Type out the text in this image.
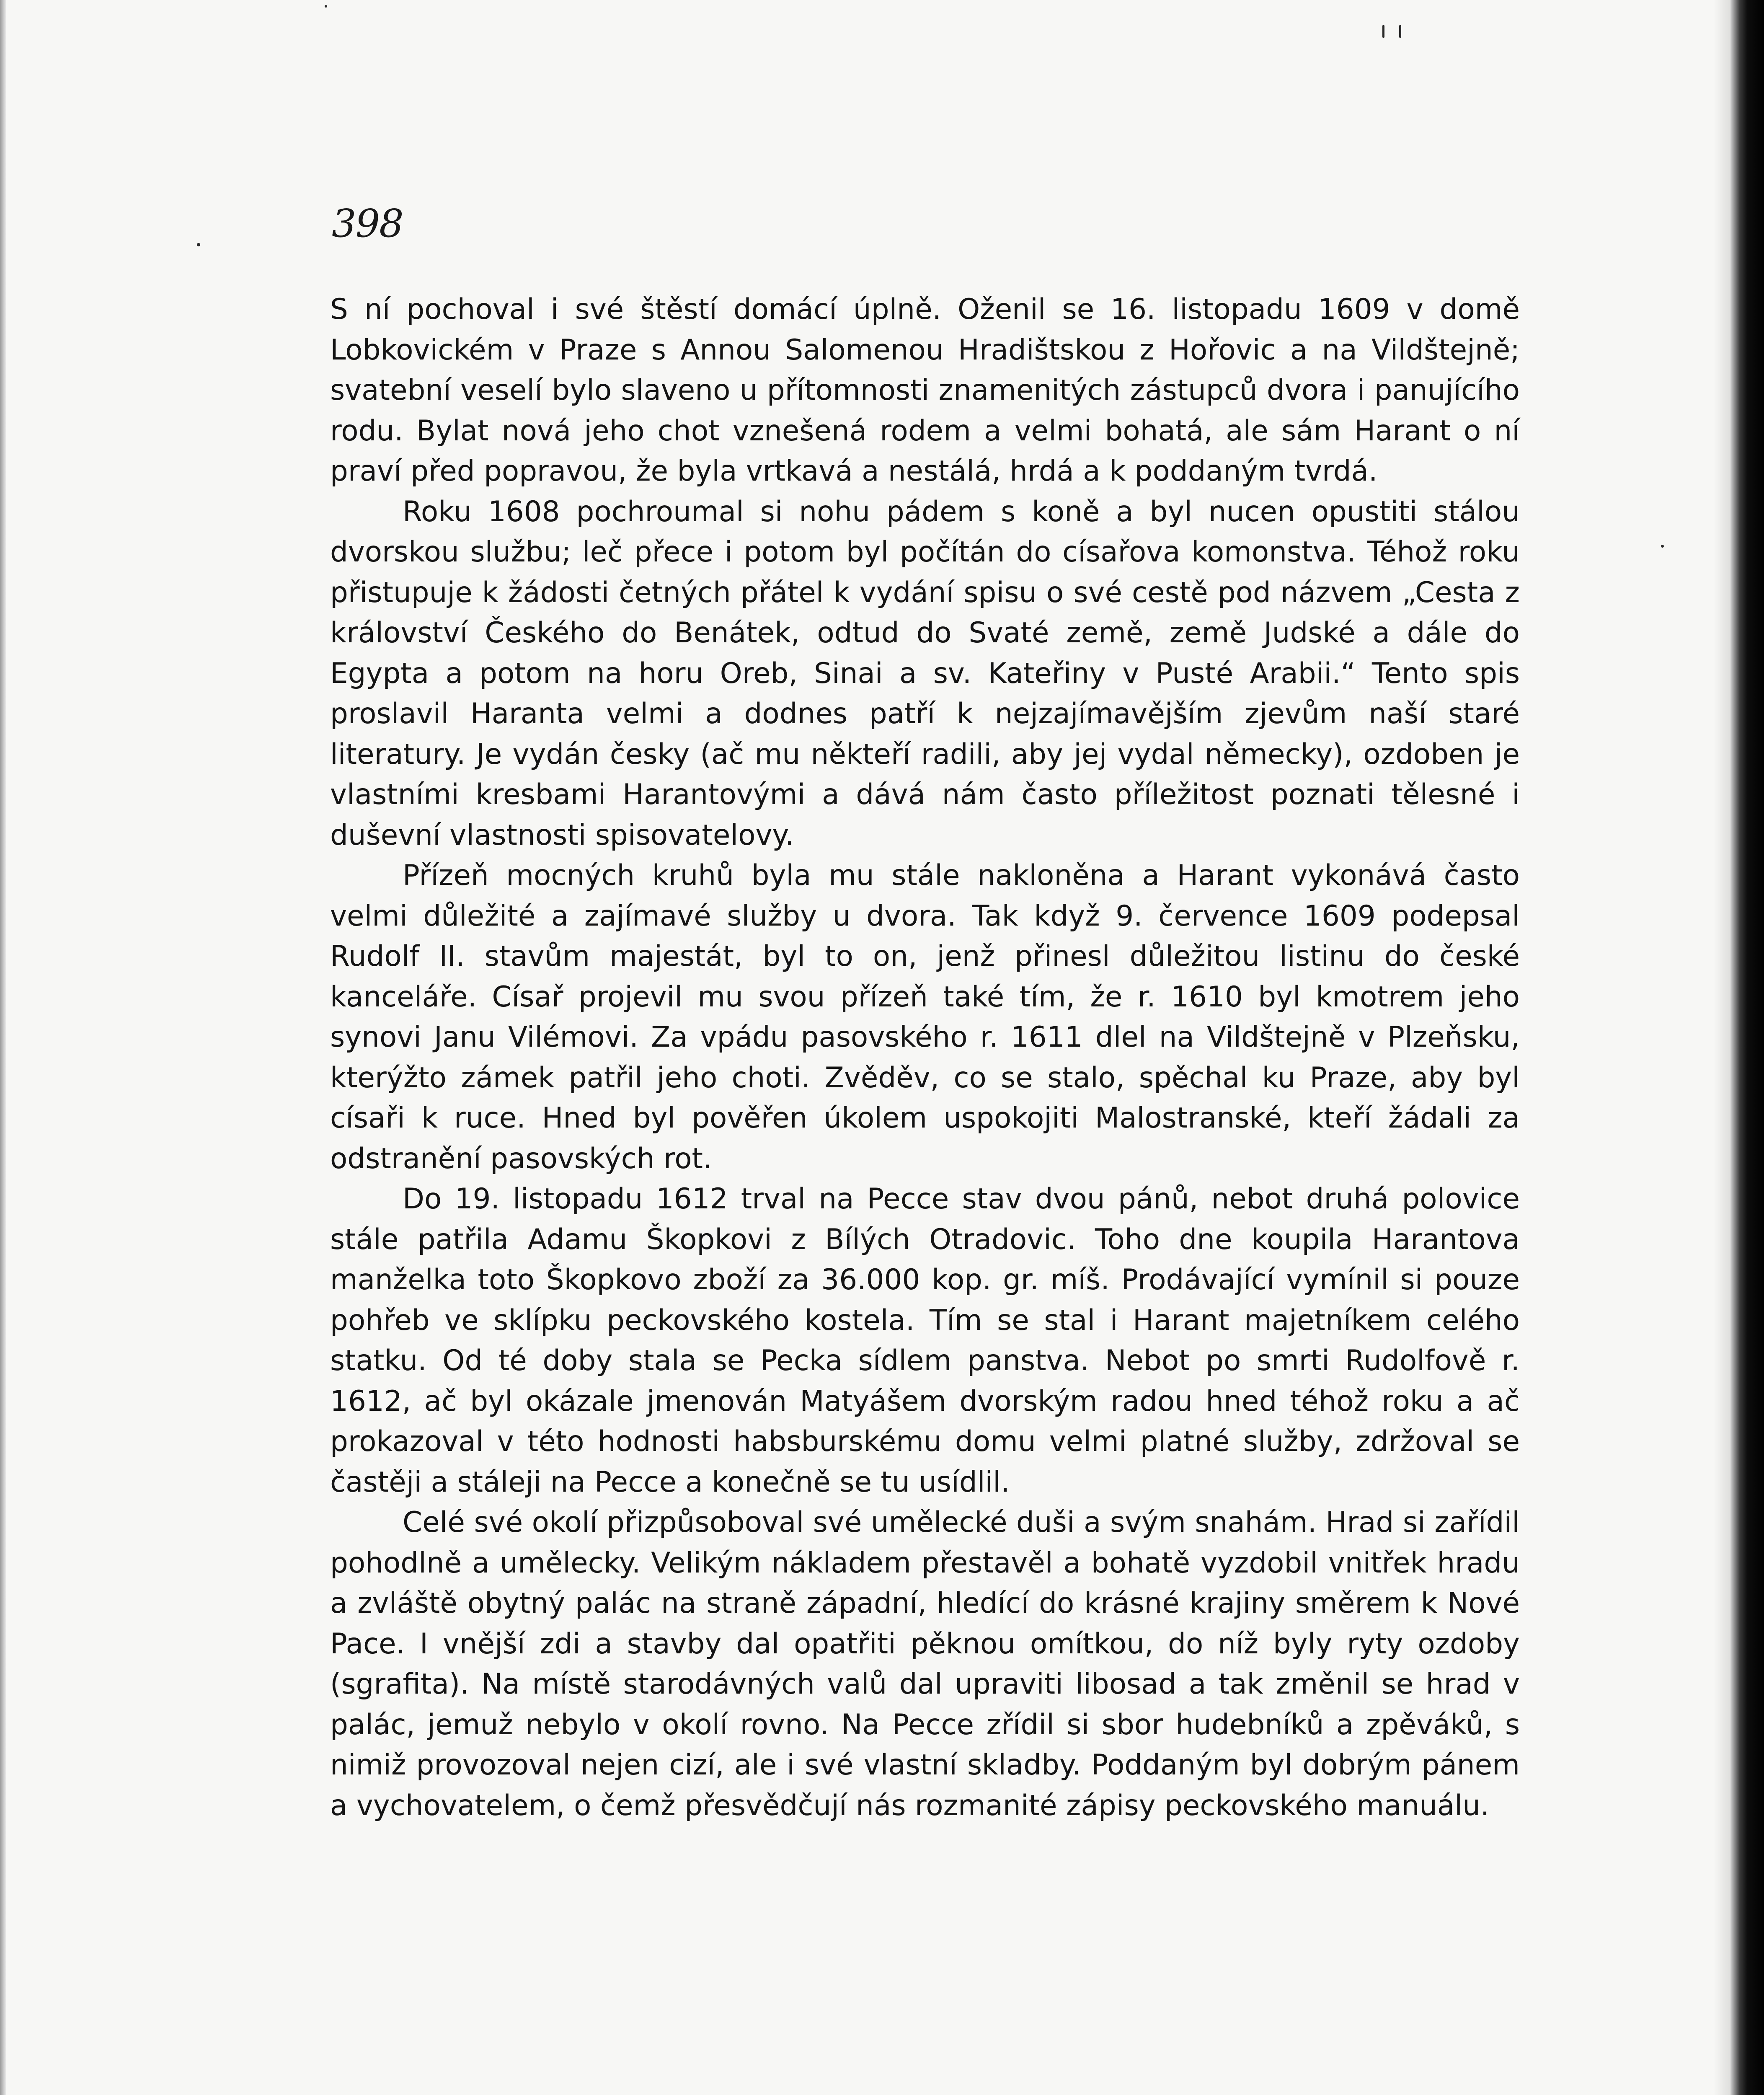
398

S ní pochoval i své štěstí domácí úplně. Oženil se 16. listopadu 1609 v domě Lobkovickém v Praze s Annou Salomenou Hradištskou z Hořovic a na Vildštejně; svatební veselí bylo slaveno u přítomnosti znamenitých zástupců dvora i panujícího rodu. Bylat nová jeho chot vznešená rodem a velmi bohatá, ale sám Harant o ní praví před popravou, že byla vrtkavá a nestálá, hrdá a k poddaným tvrdá.

Roku 1608 pochroumal si nohu pádem s koně a byl nucen opustiti stálou dvorskou službu; leč přece i potom byl počítán do císařova komonstva. Téhož roku přistupuje k žádosti četných přátel k vydání spisu o své cestě pod názvem „Cesta z království Českého do Benátek, odtud do Svaté země, země Judské a dále do Egypta a potom na horu Oreb, Sinai a sv. Kateřiny v Pusté Arabii.“ Tento spis proslavil Haranta velmi a dodnes patří k nejzajímavějším zjevům naší staré literatury. Je vydán česky (ač mu někteří radili, aby jej vydal německy), ozdoben je vlastními kresbami Harantovými a dává nám často příležitost poznati tělesné i duševní vlastnosti spisovatelovy.

Přízeň mocných kruhů byla mu stále nakloněna a Harant vykonává často velmi důležité a zajímavé služby u dvora. Tak když 9. července 1609 podepsal Rudolf II. stavům majestát, byl to on, jenž přinesl důležitou listinu do české kanceláře. Císař projevil mu svou přízeň také tím, že r. 1610 byl kmotrem jeho synovi Janu Vilémovi. Za vpádu pasovského r. 1611 dlel na Vildštejně v Plzeňsku, kterýžto zámek patřil jeho choti. Zvěděv, co se stalo, spěchal ku Praze, aby byl císaři k ruce. Hned byl pověřen úkolem uspokojiti Malostranské, kteří žádali za odstranění pasovských rot.

Do 19. listopadu 1612 trval na Pecce stav dvou pánů, nebot druhá polovice stále patřila Adamu Škopkovi z Bílých Otradovic. Toho dne koupila Harantova manželka toto Škopkovo zboží za 36.000 kop. gr. míš. Prodávající vymínil si pouze pohřeb ve sklípku peckovského kostela. Tím se stal i Harant majetníkem celého statku. Od té doby stala se Pecka sídlem panstva. Nebot po smrti Rudolfově r. 1612, ač byl okázale jmenován Matyášem dvorským radou hned téhož roku a ač prokazoval v této hodnosti habsburskému domu velmi platné služby, zdržoval se častěji a stáleji na Pecce a konečně se tu usídlil.

Celé své okolí přizpůsoboval své umělecké duši a svým snahám. Hrad si zařídil pohodlně a umělecky. Velikým nákladem přestavěl a bohatě vyzdobil vnitřek hradu a zvláště obytný palác na straně západní, hledící do krásné krajiny směrem k Nové Pace. I vnější zdi a stavby dal opatřiti pěknou omítkou, do níž byly ryty ozdoby (sgrafita). Na místě starodávných valů dal upraviti libosad a tak změnil se hrad v palác, jemuž nebylo v okolí rovno. Na Pecce zřídil si sbor hudebníků a zpěváků, s nimiž provozoval nejen cizí, ale i své vlastní skladby. Poddaným byl dobrým pánem a vychovatelem, o čemž přesvědčují nás rozmanité zápisy peckovského manuálu.
